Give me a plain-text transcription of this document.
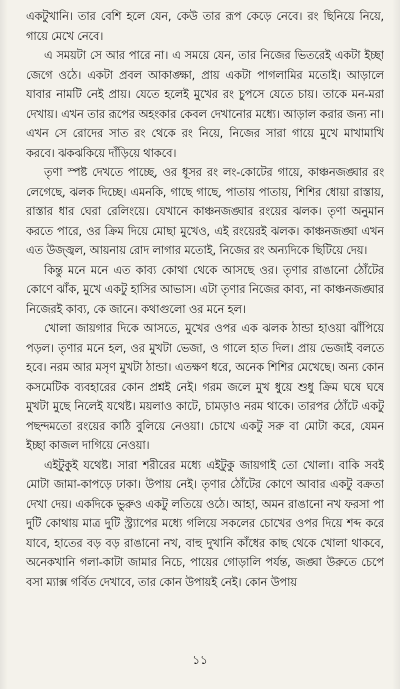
একটুখানি। তার বেশি হলে যেন, কেউ তার রূপ কেড়ে নেবে। রং ছিনিয়ে নিয়ে, গায়ে মেখে নেবে।

এ সময়টা সে আর পারে না। এ সময়ে যেন, তার নিজের ভিতরেই একটা ইচ্ছা জেগে ওঠে। একটা প্রবল আকাঙ্ক্ষা, প্রায় একটা পাগলামির মতোই। আড়ালে যাবার নামটি নেই প্রায়। যেতে হলেই মুখের রং চুপসে যেতে চায়। তাকে মন-মরা দেখায়। এখন তার রূপের অহংকার কেবল দেখানোর মধ্যে। আড়াল করার জন্য না। এখন সে রোদের সাত রং থেকে রং নিয়ে, নিজের সারা গায়ে মুখে মাখামাখি করবে। ঝকঝকিয়ে দাঁড়িয়ে থাকবে।

তৃণা স্পষ্ট দেখতে পাচ্ছে, ওর ধূসর রং লং-কোটের গায়ে, কাঞ্চনজঙ্ঘার রং লেগেছে, ঝলক দিচ্ছে। এমনকি, গাছে গাছে, পাতায় পাতায়, শিশির ধোয়া রাস্তায়, রাস্তার ধার ঘেরা রেলিংয়ে। যেখানে কাঞ্চনজঙ্ঘার রংয়ের ঝলক। তৃণা অনুমান করতে পারে, ওর ক্রিম দিয়ে মোছা মুখেও, এই রংয়েরই ঝলক। কাঞ্চনজঙ্ঘা এখন এত উজ্জ্বল, আয়নায় রোদ লাগার মতোই, নিজের রং অন্যদিকে ছিটিয়ে দেয়।

কিন্তু মনে মনে এত কাব্য কোথা থেকে আসছে ওর। তৃণার রাঙানো ঠোঁটের কোণে ঝাঁক, মুখে একটু হাসির আভাস। এটা তৃণার নিজের কাব্য, না কাঞ্চনজঙ্ঘার নিজেরই কাব্য, কে জানে। কথাগুলো ওর মনে হল।

খোলা জায়গার দিকে আসতে, মুখের ওপর এক ঝলক ঠান্ডা হাওয়া ঝাঁপিয়ে পড়ল। তৃণার মনে হল, ওর মুখটা ভেজা, ও গালে হাত দিল। প্রায় ভেজাই বলতে হবে। নরম আর মসৃণ মুখটা ঠান্ডা। এতক্ষণ ধরে, অনেক শিশির মেখেছে। অন্য কোন কসমেটিক ব্যবহারের কোন প্রশ্নই নেই। গরম জলে মুখ ধুয়ে শুধু ক্রিম ঘষে ঘষে মুখটা মুছে নিলেই যথেষ্ট। ময়লাও কাটে, চামড়াও নরম থাকে। তারপর ঠোঁটে একটু পছন্দমতো রংয়ের কাঠি বুলিয়ে নেওয়া। চোখে একটু সরু বা মোটা করে, যেমন ইচ্ছা কাজল দাগিয়ে নেওয়া।

এইটুকুই যথেষ্ট। সারা শরীরের মধ্যে এইটুকু জায়গাই তো খোলা। বাকি সবই মোটা জামা-কাপড়ে ঢাকা। উপায় নেই। তৃণার ঠোঁটের কোণে আবার একটু বক্রতা দেখা দেয়। একদিকে ভুরুও একটু লতিয়ে ওঠে। আহা, অমন রাঙানো নখ ফরসা পা দুটি কোথায় মাত্র দুটি স্ট্র্যাপের মধ্যে গলিয়ে সকলের চোখের ওপর দিয়ে শব্দ করে যাবে, হাতের বড় বড় রাঙানো নখ, বাহু দুখানি কাঁধের কাছ থেকে খোলা থাকবে, অনেকখানি গলা-কাটা জামার নিচে, পায়ের গোড়ালি পর্যন্ত, জঙ্ঘা উরুতে চেপে বসা ম্যাক্স গর্বিত দেখাবে, তার কোন উপায়ই নেই। কোন উপায়

১১
